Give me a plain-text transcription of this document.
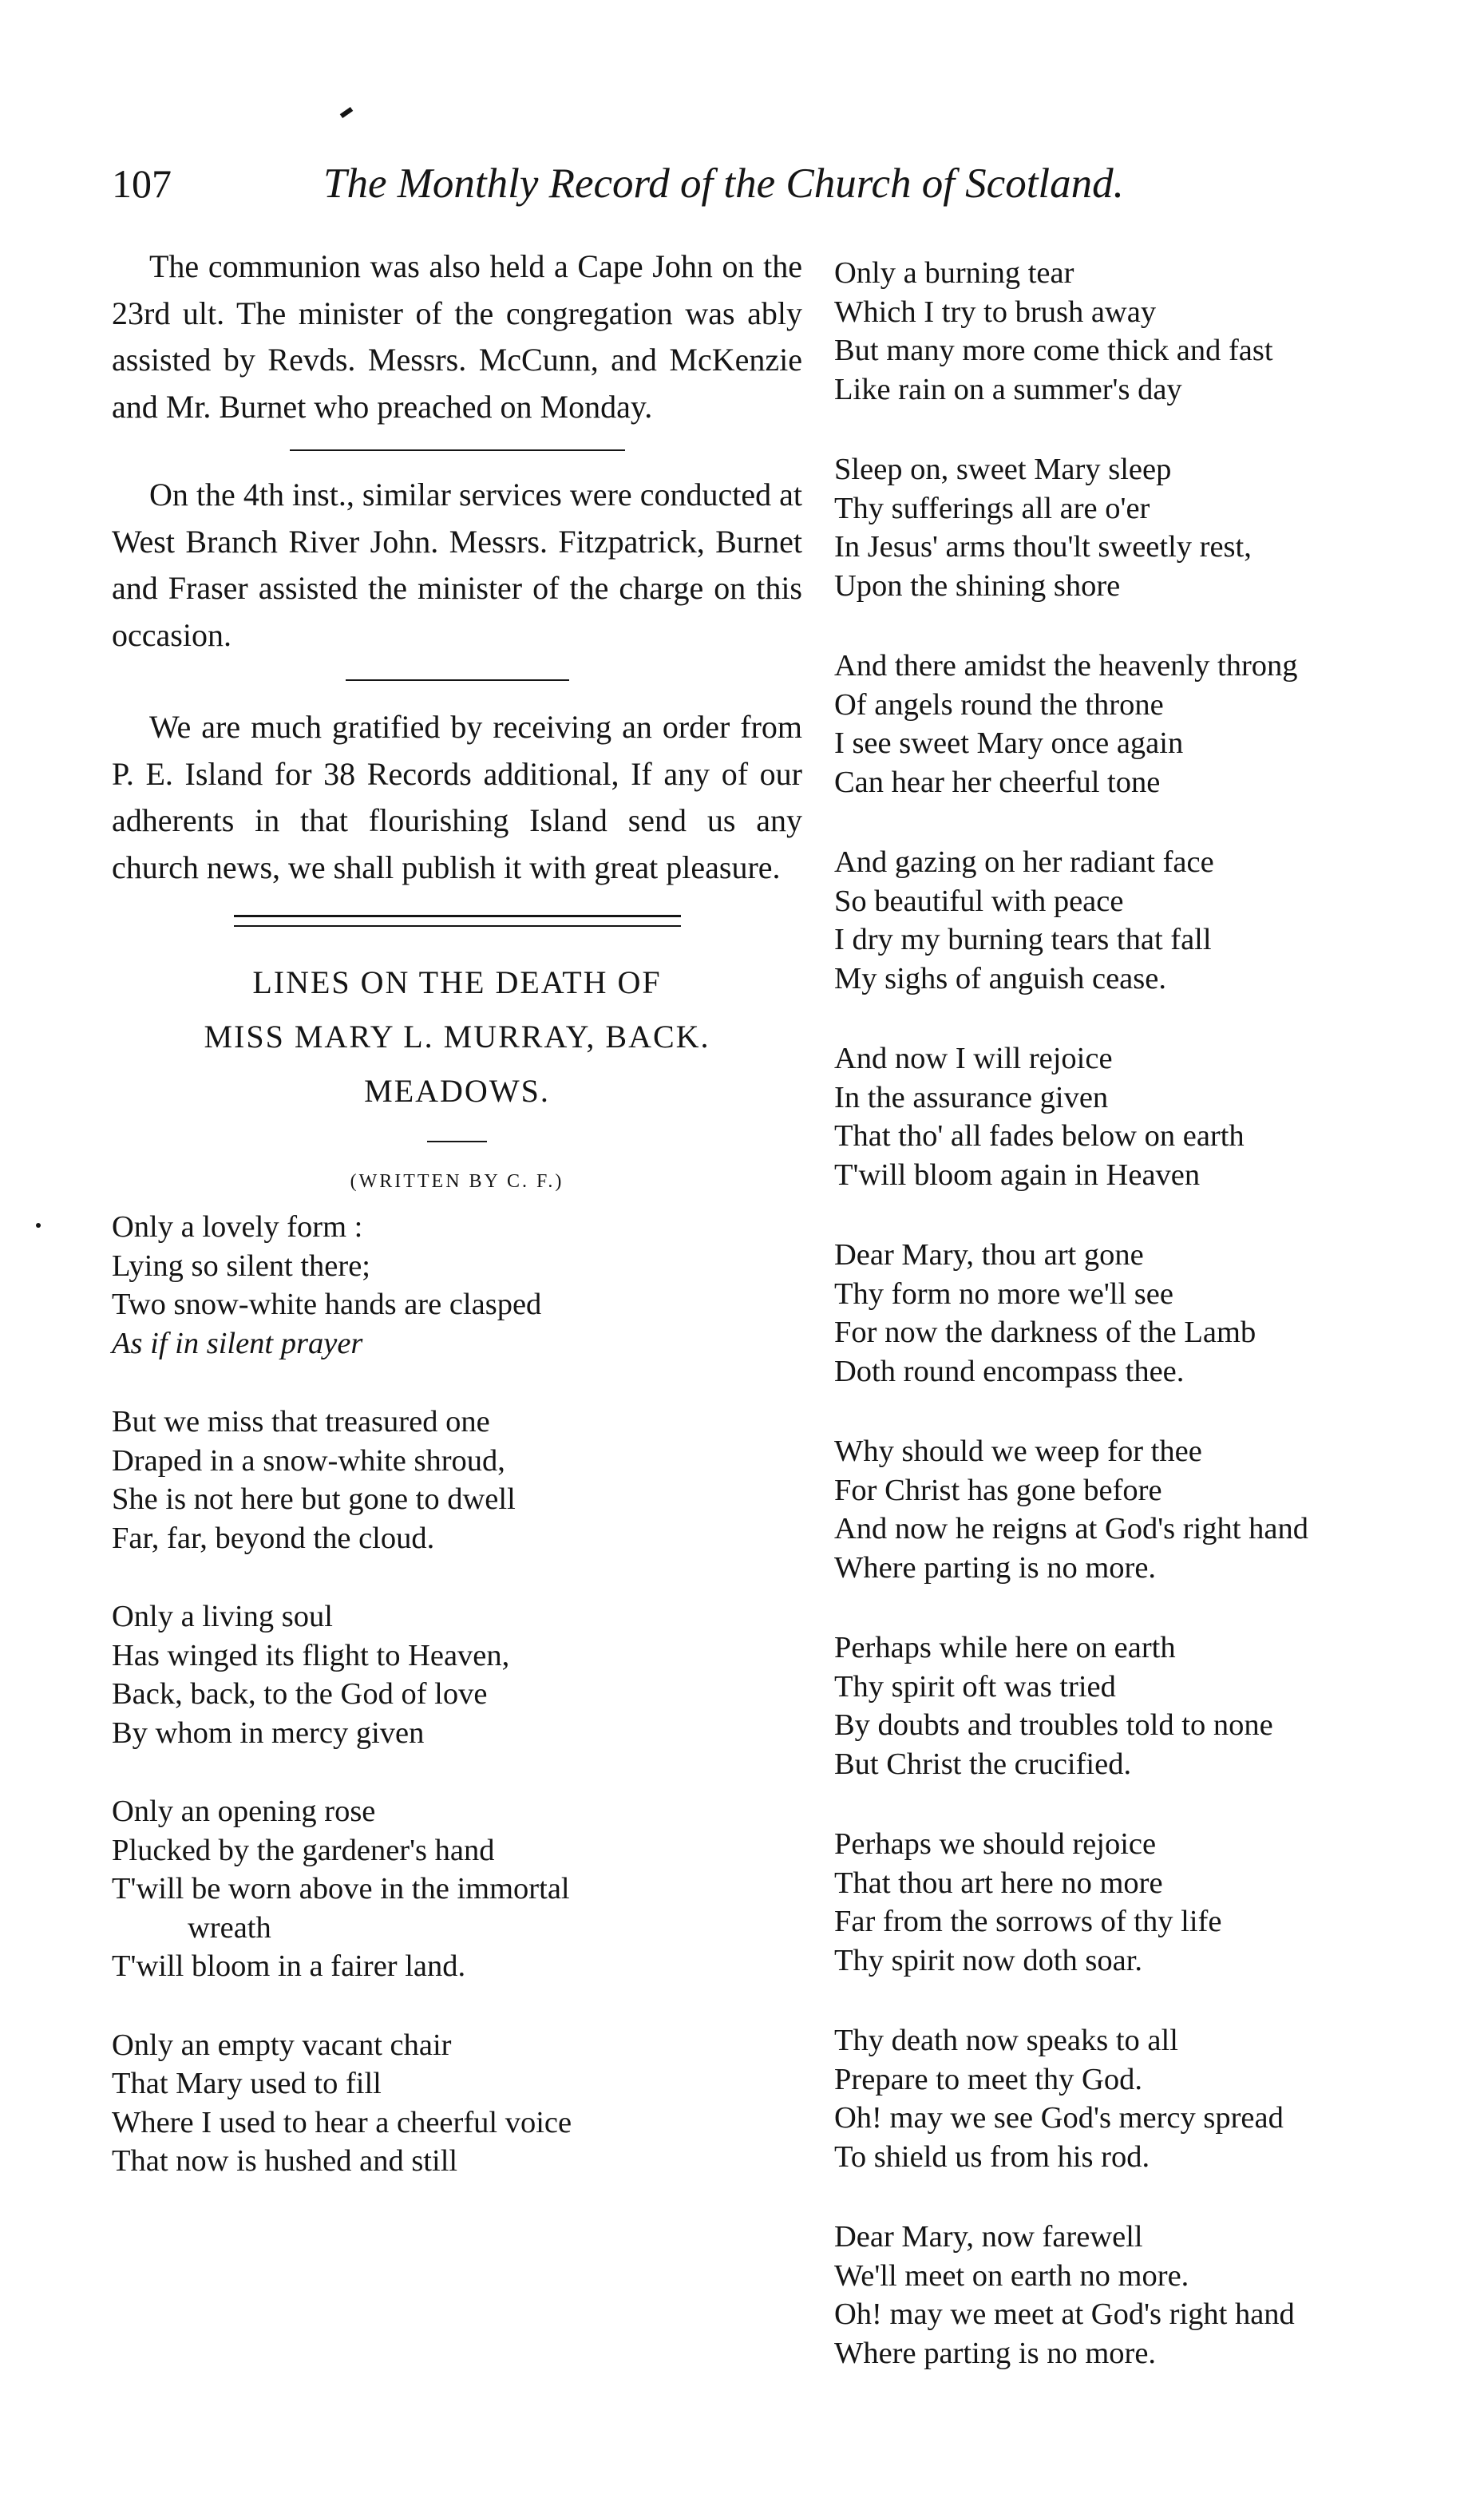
107	The Monthly Record of the Church of Scotland.

The communion was also held a Cape John on the 23rd ult. The minister of the congregation was ably assisted by Revds. Messrs. McCunn, and McKenzie and Mr. Burnet who preached on Monday.

On the 4th inst., similar services were conducted at West Branch River John. Messrs. Fitzpatrick, Burnet and Fraser assisted the minister of the charge on this occasion.

We are much gratified by receiving an order from P. E. Island for 38 Records additional, If any of our adherents in that flourishing Island send us any church news, we shall publish it with great pleasure.

LINES ON THE DEATH OF

MISS MARY L. MURRAY, BACK.

MEADOWS.

(WRITTEN BY C. F.)

Only a lovely form :
Lying so silent there;
Two snow-white hands are clasped
As if in silent prayer
But we miss that treasured one
Draped in a snow-white shroud,
She is not here but gone to dwell
Far, far, beyond the cloud.
Only a living soul
Has winged its flight to Heaven,
Back, back, to the God of love
By whom in mercy given
Only an opening rose
Plucked by the gardener's hand
T'will be worn above in the immortal
wreath
T'will bloom in a fairer land.
Only an empty vacant chair
That Mary used to fill
Where I used to hear a cheerful voice
That now is hushed and still
Only a burning tear
Which I try to brush away
But many more come thick and fast
Like rain on a summer's day
Sleep on, sweet Mary sleep
Thy sufferings all are o'er
In Jesus' arms thou'lt sweetly rest,
Upon the shining shore
And there amidst the heavenly throng
Of angels round the throne
I see sweet Mary once again
Can hear her cheerful tone
And gazing on her radiant face
So beautiful with peace
I dry my burning tears that fall
My sighs of anguish cease.
And now I will rejoice
In the assurance given
That tho' all fades below on earth
T'will bloom again in Heaven
Dear Mary, thou art gone
Thy form no more we'll see
For now the darkness of the Lamb
Doth round encompass thee.
Why should we weep for thee
For Christ has gone before
And now he reigns at God's right hand
Where parting is no more.
Perhaps while here on earth
Thy spirit oft was tried
By doubts and troubles told to none
But Christ the crucified.
Perhaps we should rejoice
That thou art here no more
Far from the sorrows of thy life
Thy spirit now doth soar.
Thy death now speaks to all
Prepare to meet thy God.
Oh! may we see God's mercy spread
To shield us from his rod.
Dear Mary, now farewell
We'll meet on earth no more.
Oh! may we meet at God's right hand
Where parting is no more.
